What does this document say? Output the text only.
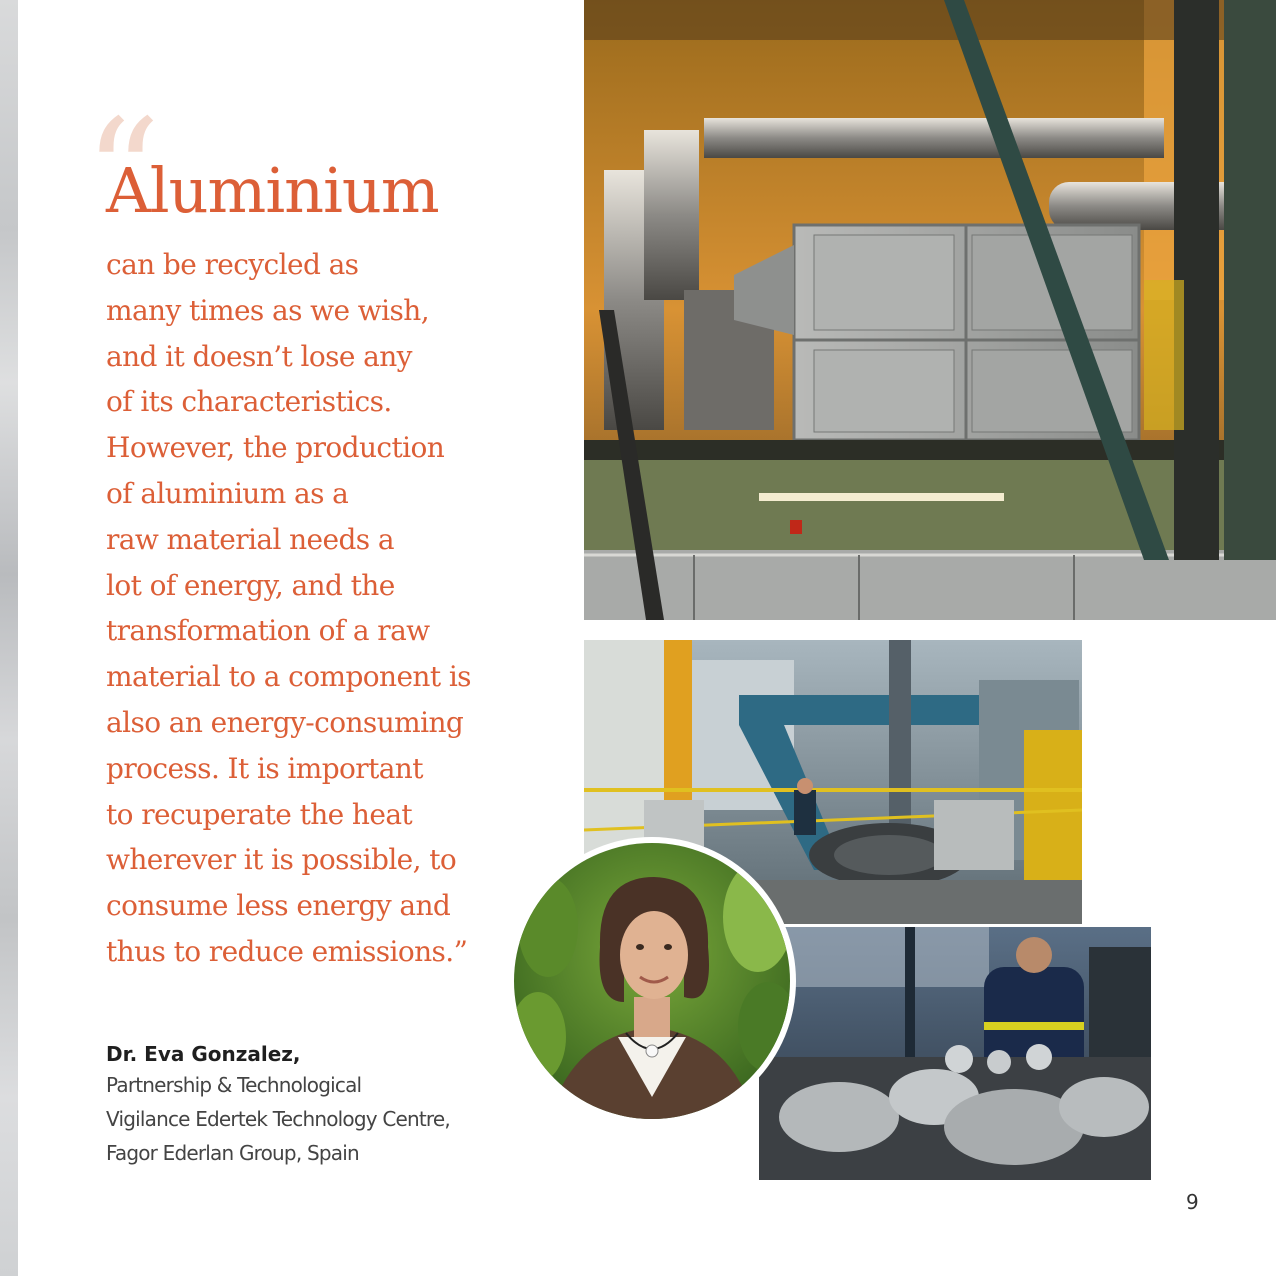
“
Aluminium
can be recycled as
many times as we wish,
and it doesn’t lose any
of its characteristics.
However, the production
of aluminium as a
raw material needs a
lot of energy, and the
transformation of a raw
material to a component is
also an energy-consuming
process. It is important
to recuperate the heat
wherever it is possible, to
consume less energy and
thus to reduce emissions.”
Dr. Eva Gonzalez,
Partnership & Technological
Vigilance Edertek Technology Centre,
Fagor Ederlan Group, Spain
9
